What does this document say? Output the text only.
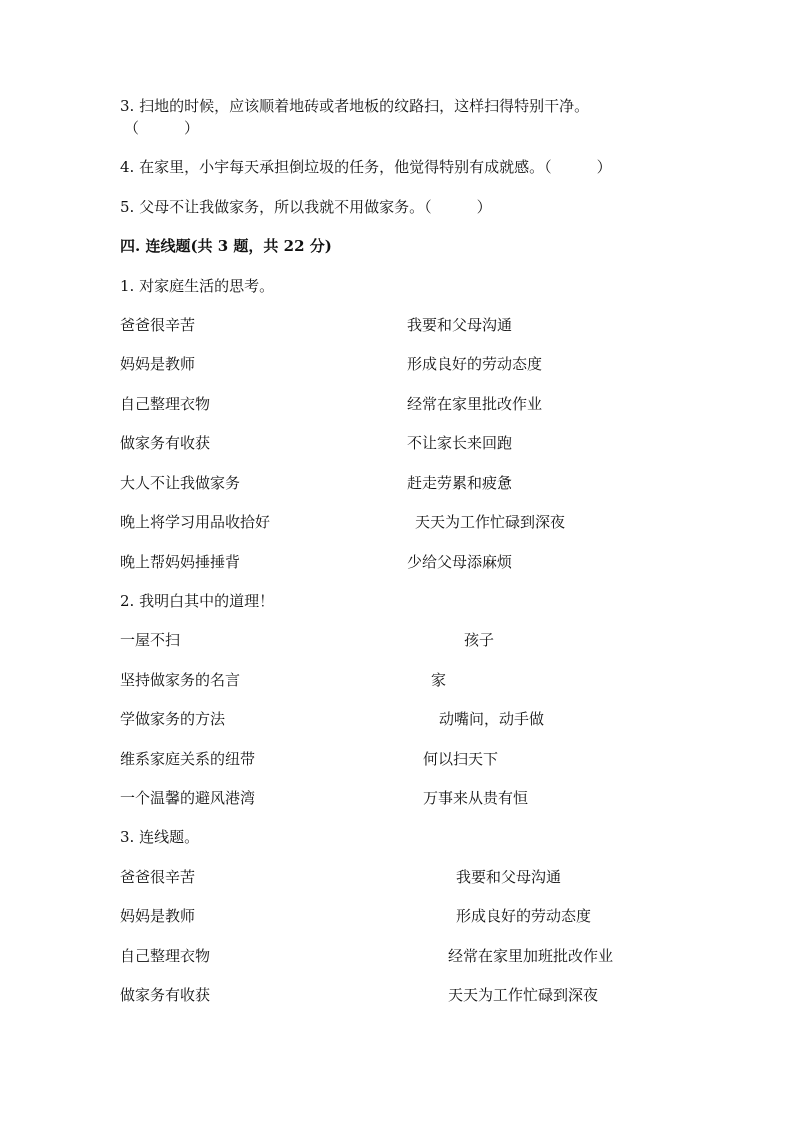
3. 扫地的时候，应该顺着地砖或者地板的纹路扫，这样扫得特别干净。
（　　　）
4. 在家里，小宇每天承担倒垃圾的任务，他觉得特别有成就感。（　　　）
5. 父母不让我做家务，所以我就不用做家务。（　　　）
四. 连线题(共 3 题，共 22 分)
1. 对家庭生活的思考。
爸爸很辛苦	我要和父母沟通
妈妈是教师	形成良好的劳动态度
自己整理衣物	经常在家里批改作业
做家务有收获	不让家长来回跑
大人不让我做家务	赶走劳累和疲惫
晚上将学习用品收拾好	天天为工作忙碌到深夜
晚上帮妈妈捶捶背	少给父母添麻烦
2. 我明白其中的道理！
一屋不扫	孩子
坚持做家务的名言	家
学做家务的方法	动嘴问，动手做
维系家庭关系的纽带	何以扫天下
一个温馨的避风港湾	万事来从贵有恒
3. 连线题。
爸爸很辛苦	我要和父母沟通
妈妈是教师	形成良好的劳动态度
自己整理衣物	经常在家里加班批改作业
做家务有收获	天天为工作忙碌到深夜
